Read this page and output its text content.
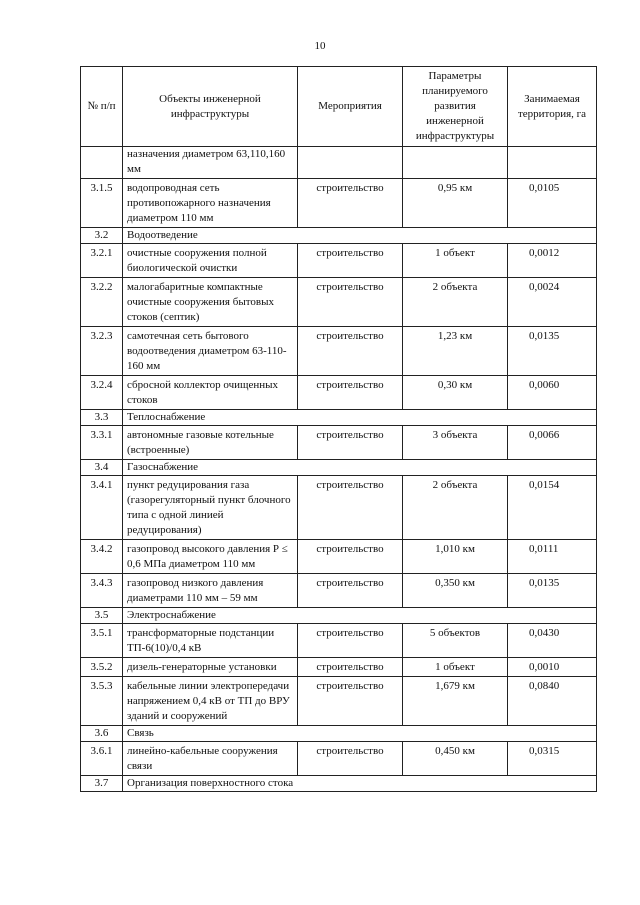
10
№ п/п	Объекты инженерной инфраструктуры	Мероприятия	Параметры планируемого развития инженерной инфраструктуры	Занимаемая территория, га
	назначения диаметром 63,110,160 мм			
3.1.5	водопроводная сеть противопожарного назначения диаметром 110 мм	строительство	0,95 км	0,0105
3.2	Водоотведение			
3.2.1	очистные сооружения полной биологической очистки	строительство	1 объект	0,0012
3.2.2	малогабаритные компактные очистные сооружения бытовых стоков (септик)	строительство	2 объекта	0,0024
3.2.3	самотечная сеть бытового водоотведения диаметром 63-110-160 мм	строительство	1,23 км	0,0135
3.2.4	сбросной коллектор очищенных стоков	строительство	0,30 км	0,0060
3.3	Теплоснабжение			
3.3.1	автономные газовые котельные (встроенные)	строительство	3 объекта	0,0066
3.4	Газоснабжение			
3.4.1	пункт редуцирования газа (газорегуляторный пункт блочного типа с одной линией редуцирования)	строительство	2 объекта	0,0154
3.4.2	газопровод высокого давления Р ≤ 0,6 МПа диаметром 110 мм	строительство	1,010 км	0,0111
3.4.3	газопровод низкого давления диаметрами 110 мм – 59 мм	строительство	0,350 км	0,0135
3.5	Электроснабжение			
3.5.1	трансформаторные подстанции ТП-6(10)/0,4 кВ	строительство	5 объектов	0,0430
3.5.2	дизель-генераторные установки	строительство	1 объект	0,0010
3.5.3	кабельные линии электропередачи напряжением 0,4 кВ от ТП до ВРУ зданий и сооружений	строительство	1,679 км	0,0840
3.6	Связь			
3.6.1	линейно-кабельные сооружения связи	строительство	0,450 км	0,0315
3.7	Организация поверхностного стока			
